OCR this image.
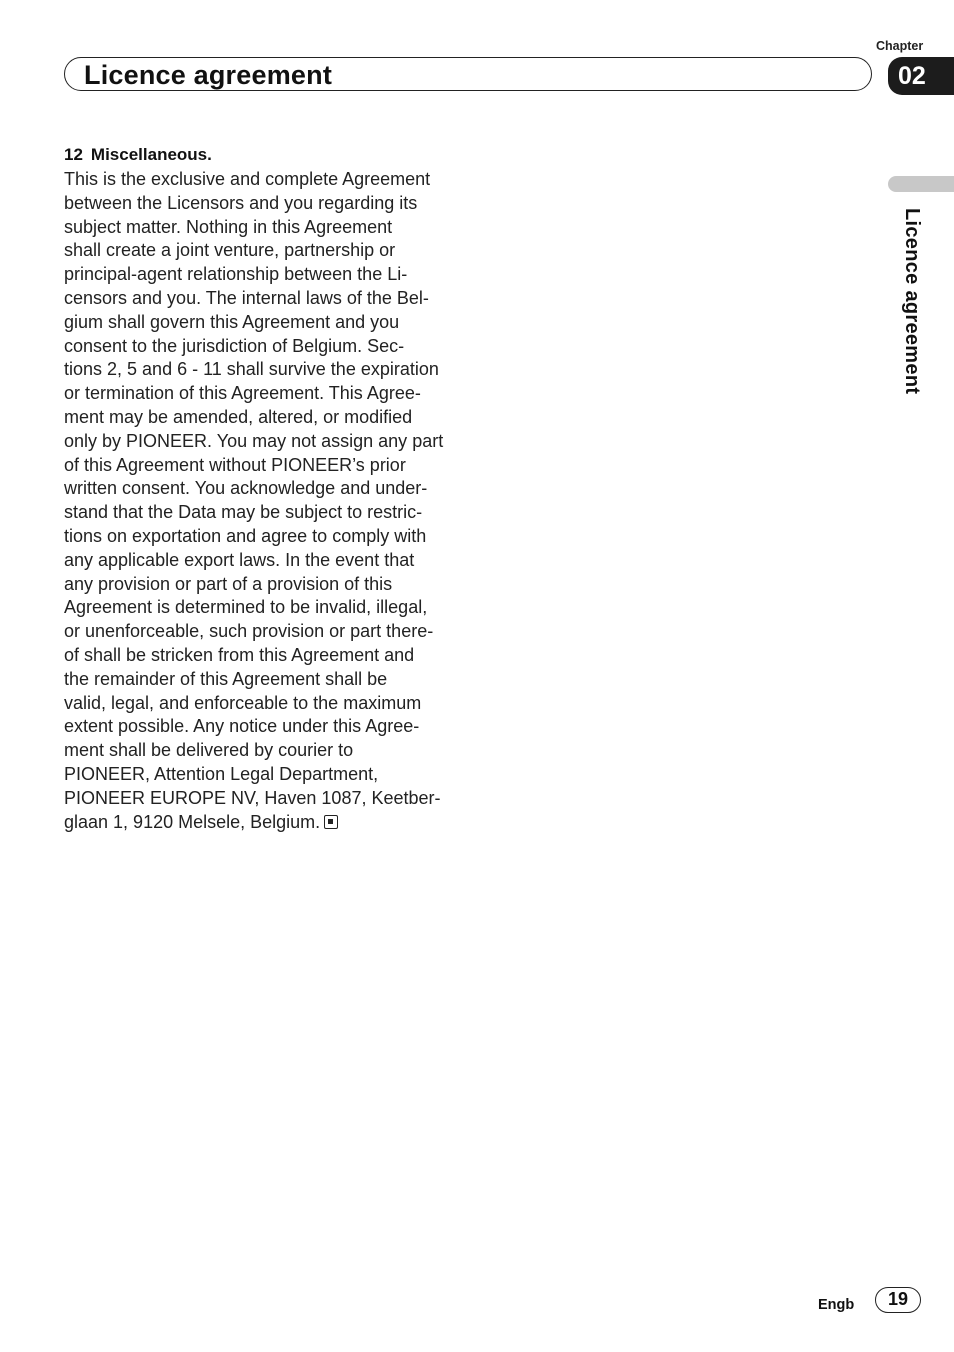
Licence agreement
Chapter
02
Licence agreement
12 Miscellaneous.

This is the exclusive and complete Agreement

between the Licensors and you regarding its

subject matter. Nothing in this Agreement

shall create a joint venture, partnership or

principal-agent relationship between the Li-

censors and you. The internal laws of the Bel-

gium shall govern this Agreement and you

consent to the jurisdiction of Belgium. Sec-

tions 2, 5 and 6 - 11 shall survive the expiration

or termination of this Agreement. This Agree-

ment may be amended, altered, or modified

only by PIONEER. You may not assign any part

of this Agreement without PIONEER’s prior

written consent. You acknowledge and under-

stand that the Data may be subject to restric-

tions on exportation and agree to comply with

any applicable export laws. In the event that

any provision or part of a provision of this

Agreement is determined to be invalid, illegal,

or unenforceable, such provision or part there-

of shall be stricken from this Agreement and

the remainder of this Agreement shall be

valid, legal, and enforceable to the maximum

extent possible. Any notice under this Agree-

ment shall be delivered by courier to

PIONEER, Attention Legal Department,

PIONEER EUROPE NV, Haven 1087, Keetber-

glaan 1, 9120 Melsele, Belgium.

Engb	19
